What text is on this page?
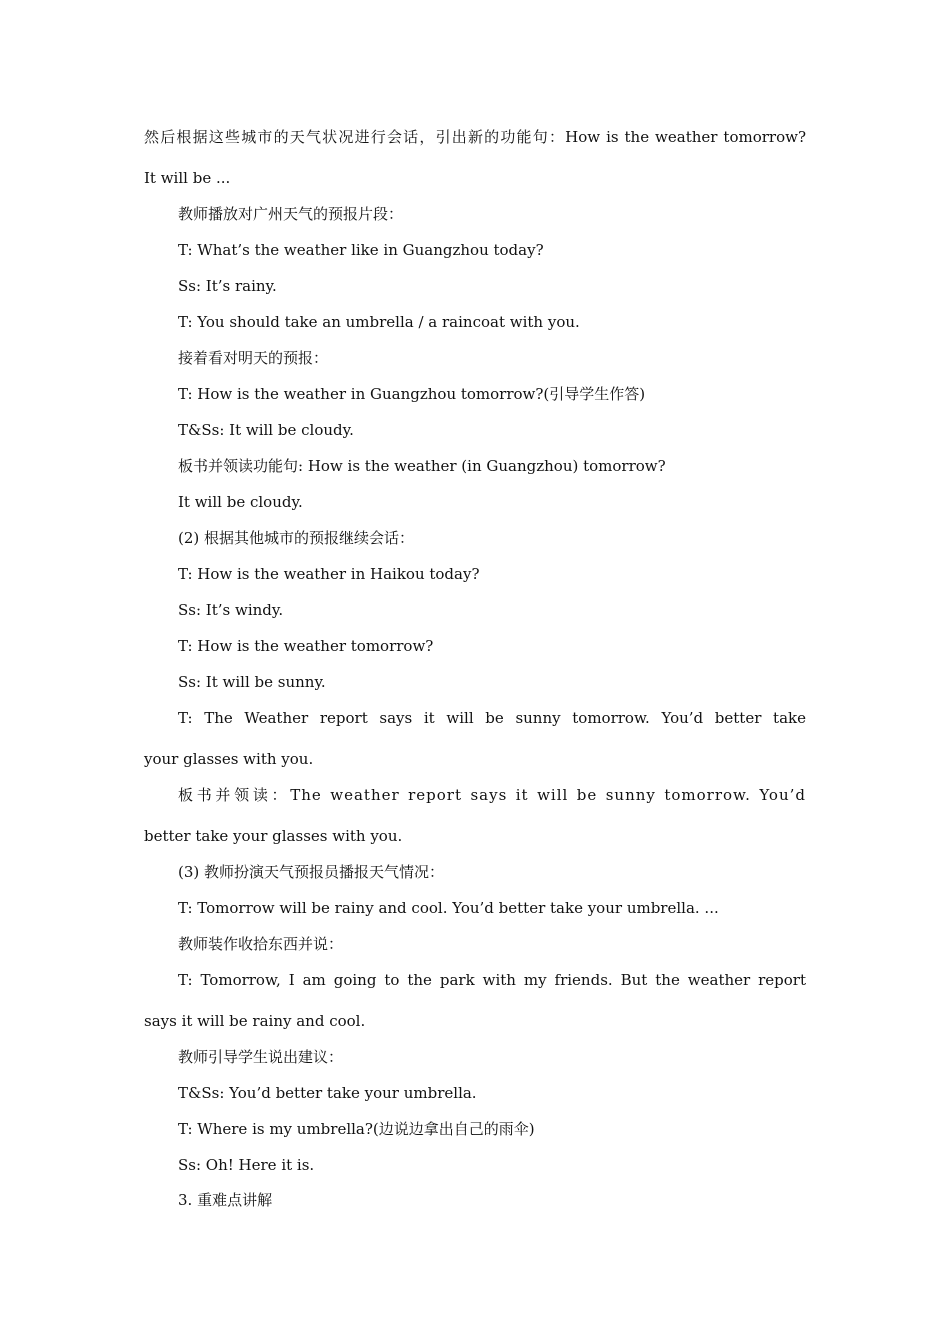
然后根据这些城市的天气状况进行会话，引出新的功能句：How is the weather tomorrow?
It will be ...
教师播放对广州天气的预报片段：
T: What’s the weather like in Guangzhou today?
Ss: It’s rainy.
T: You should take an umbrella / a raincoat with you.
接着看对明天的预报：
T: How is the weather in Guangzhou tomorrow?(引导学生作答)
T&Ss: It will be cloudy.
板书并领读功能句: How is the weather (in Guangzhou) tomorrow?
It will be cloudy.
(2) 根据其他城市的预报继续会话：
T: How is the weather in Haikou today?
Ss: It’s windy.
T: How is the weather tomorrow?
Ss: It will be sunny.
T: The Weather report says it will be sunny tomorrow. You’d better take
your glasses with you.
板书并领读：The weather report says it will be sunny tomorrow. You’d
better take your glasses with you.
(3) 教师扮演天气预报员播报天气情况：
T: Tomorrow will be rainy and cool. You’d better take your umbrella. ...
教师装作收拾东西并说：
T: Tomorrow, I am going to the park with my friends. But the weather report
says it will be rainy and cool.
教师引导学生说出建议：
T&Ss: You’d better take your umbrella.
T: Where is my umbrella?(边说边拿出自己的雨伞)
Ss: Oh! Here it is.
3. 重难点讲解
